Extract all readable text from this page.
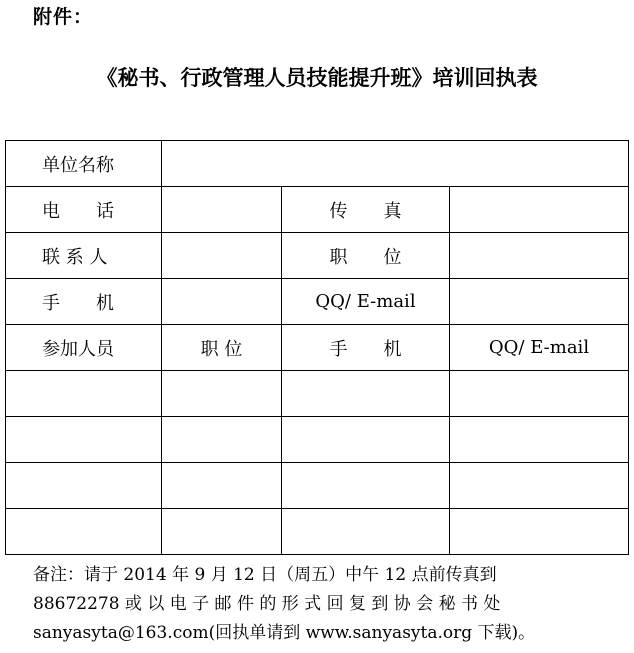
附件：
《秘书、行政管理人员技能提升班》培训回执表
单位名称			
电　　话		传　　真	
联 系 人		职　　位	
手　　机		QQ/ E-mail	
参加人员	职 位	手　　机	QQ/ E-mail

备注：请于 2014 年 9 月 12 日（周五）中午 12 点前传真到
88672278 或 以 电 子 邮 件 的 形 式 回 复 到 协 会 秘 书 处
sanyasyta@163.com(回执单请到 www.sanyasyta.org 下载)。
